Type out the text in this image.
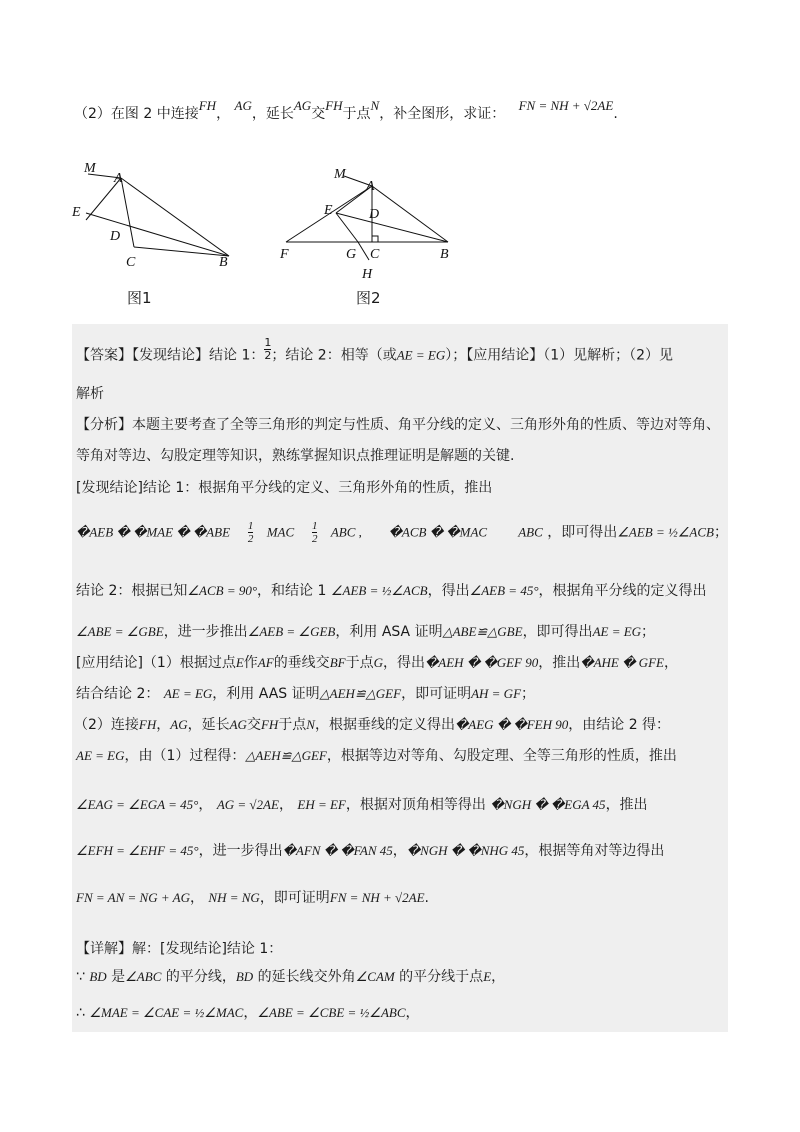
（2）在图 2 中连接FH， AG，延长AG交FH于点N，补全图形，求证：   FN = NH + √2AE.
M
A
E
D
C	B
图1
M
A
E	D
F	G C	B
H
图2
【答案】【发现结论】结论 1： $\frac{1}{2}$ ；结论 2：相等（或AE = EG）；【应用结论】（1）见解析；（2）见
解析
【分析】本题主要考查了全等三角形的判定与性质、角平分线的定义、三角形外角的性质、等边对等角、
等角对等边、勾股定理等知识，熟练掌握知识点推理证明是解题的关键.
[发现结论]结论 1：根据角平分线的定义、三角形外角的性质，推出
�AEB � �MAE � �ABE $\frac{1}{2}$ MAC $\frac{1}{2}$ ABC , �ACB � �MAC ABC ，即可得出∠AEB = ½∠ACB；
结论 2：根据已知∠ACB = 90°，和结论 1 ∠AEB = ½∠ACB，得出∠AEB = 45°，根据角平分线的定义得出
∠ABE = ∠GBE，进一步推出∠AEB = ∠GEB，利用 ASA 证明△ABE≌△GBE，即可得出AE = EG；
[应用结论]（1）根据过点E作AF的垂线交BF于点G，得出�AEH � �GEF 90，推出�AHE � GFE，
结合结论 2： AE = EG，利用 AAS 证明△AEH≌△GEF，即可证明AH = GF；
（2）连接FH，AG，延长AG交FH于点N，根据垂线的定义得出�AEG � �FEH 90，由结论 2 得：
AE = EG，由（1）过程得：△AEH≌△GEF，根据等边对等角、勾股定理、全等三角形的性质，推出
∠EAG = ∠EGA = 45°， AG = √2AE， EH = EF，根据对顶角相等得出 �NGH � �EGA 45，推出
∠EFH = ∠EHF = 45°，进一步得出�AFN � �FAN 45，�NGH � �NHG 45，根据等角对等边得出
FN = AN = NG + AG， NH = NG，即可证明FN = NH + √2AE.
【详解】解：[发现结论]结论 1：
∵ BD 是∠ABC 的平分线，BD 的延长线交外角∠CAM 的平分线于点E，
∴ ∠MAE = ∠CAE = ½∠MAC，∠ABE = ∠CBE = ½∠ABC，
